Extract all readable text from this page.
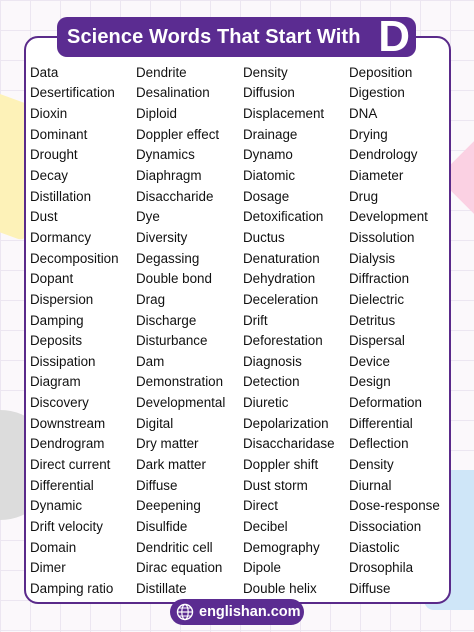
Science Words That Start With D
Data	Dendrite	Density	Deposition
Desertification	Desalination	Diffusion	Digestion
Dioxin	Diploid	Displacement	DNA
Dominant	Doppler effect	Drainage	Drying
Drought	Dynamics	Dynamo	Dendrology
Decay	Diaphragm	Diatomic	Diameter
Distillation	Disaccharide	Dosage	Drug
Dust	Dye	Detoxification	Development
Dormancy	Diversity	Ductus	Dissolution
Decomposition	Degassing	Denaturation	Dialysis
Dopant	Double bond	Dehydration	Diffraction
Dispersion	Drag	Deceleration	Dielectric
Damping	Discharge	Drift	Detritus
Deposits	Disturbance	Deforestation	Dispersal
Dissipation	Dam	Diagnosis	Device
Diagram	Demonstration	Detection	Design
Discovery	Developmental	Diuretic	Deformation
Downstream	Digital	Depolarization	Differential
Dendrogram	Dry matter	Disaccharidase	Deflection
Direct current	Dark matter	Doppler shift	Density
Differential	Diffuse	Dust storm	Diurnal
Dynamic	Deepening	Direct	Dose-response
Drift velocity	Disulfide	Decibel	Dissociation
Domain	Dendritic cell	Demography	Diastolic
Dimer	Dirac equation	Dipole	Drosophila
Damping ratio	Distillate	Double helix	Diffuse
englishan.com
